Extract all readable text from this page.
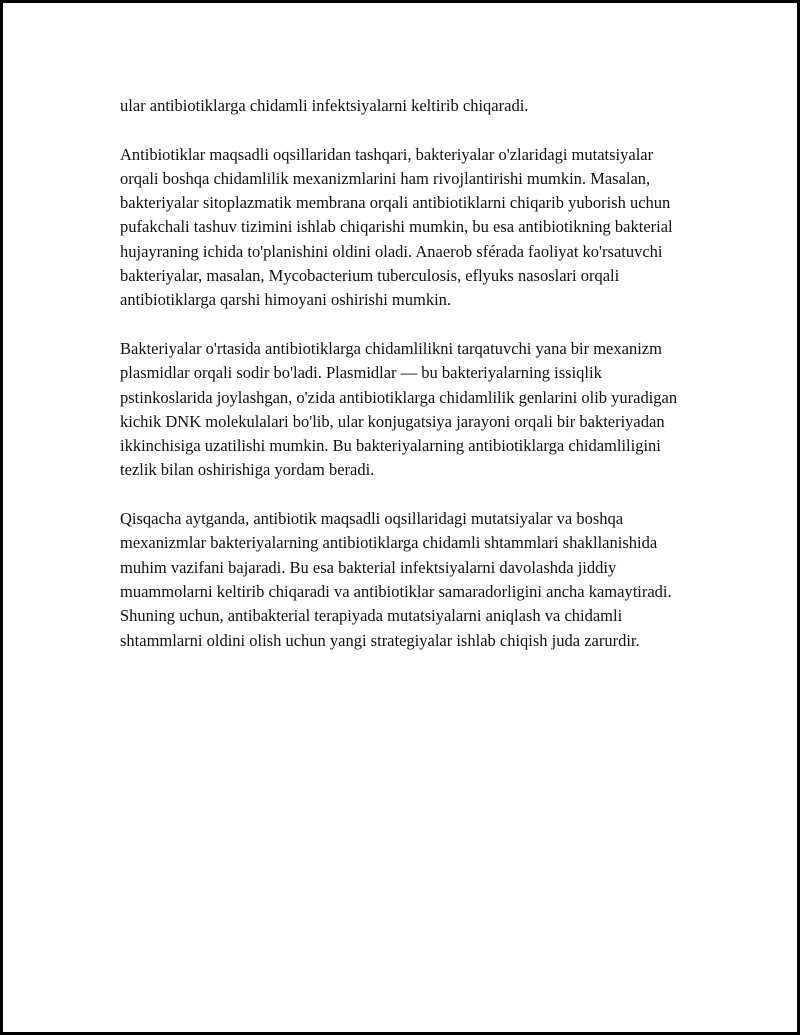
ular antibiotiklarga chidamli infektsiyalarni keltirib chiqaradi.

Antibiotiklar maqsadli oqsillaridan tashqari, bakteriyalar o'zlaridagi mutatsiyalar orqali boshqa chidamlilik mexanizmlarini ham rivojlantirishi mumkin. Masalan, bakteriyalar sitoplazmatik membrana orqali antibiotiklarni chiqarib yuborish uchun pufakchali tashuv tizimini ishlab chiqarishi mumkin, bu esa antibiotikning bakterial hujayraning ichida to'planishini oldini oladi. Anaerob sférada faoliyat ko'rsatuvchi bakteriyalar, masalan, Mycobacterium tuberculosis, eflyuks nasoslari orqali antibiotiklarga qarshi himoyani oshirishi mumkin.

Bakteriyalar o'rtasida antibiotiklarga chidamlilikni tarqatuvchi yana bir mexanizm plasmidlar orqali sodir bo'ladi. Plasmidlar — bu bakteriyalarning issiqlik pstinkoslarida joylashgan, o'zida antibiotiklarga chidamlilik genlarini olib yuradigan kichik DNK molekulalari bo'lib, ular konjugatsiya jarayoni orqali bir bakteriyadan ikkinchisiga uzatilishi mumkin. Bu bakteriyalarning antibiotiklarga chidamliligini tezlik bilan oshirishiga yordam beradi.

Qisqacha aytganda, antibiotik maqsadli oqsillaridagi mutatsiyalar va boshqa mexanizmlar bakteriyalarning antibiotiklarga chidamli shtammlari shakllanishida muhim vazifani bajaradi. Bu esa bakterial infektsiyalarni davolashda jiddiy muammolarni keltirib chiqaradi va antibiotiklar samaradorligini ancha kamaytiradi. Shuning uchun, antibakterial terapiyada mutatsiyalarni aniqlash va chidamli shtammlarni oldini olish uchun yangi strategiyalar ishlab chiqish juda zarurdir.
